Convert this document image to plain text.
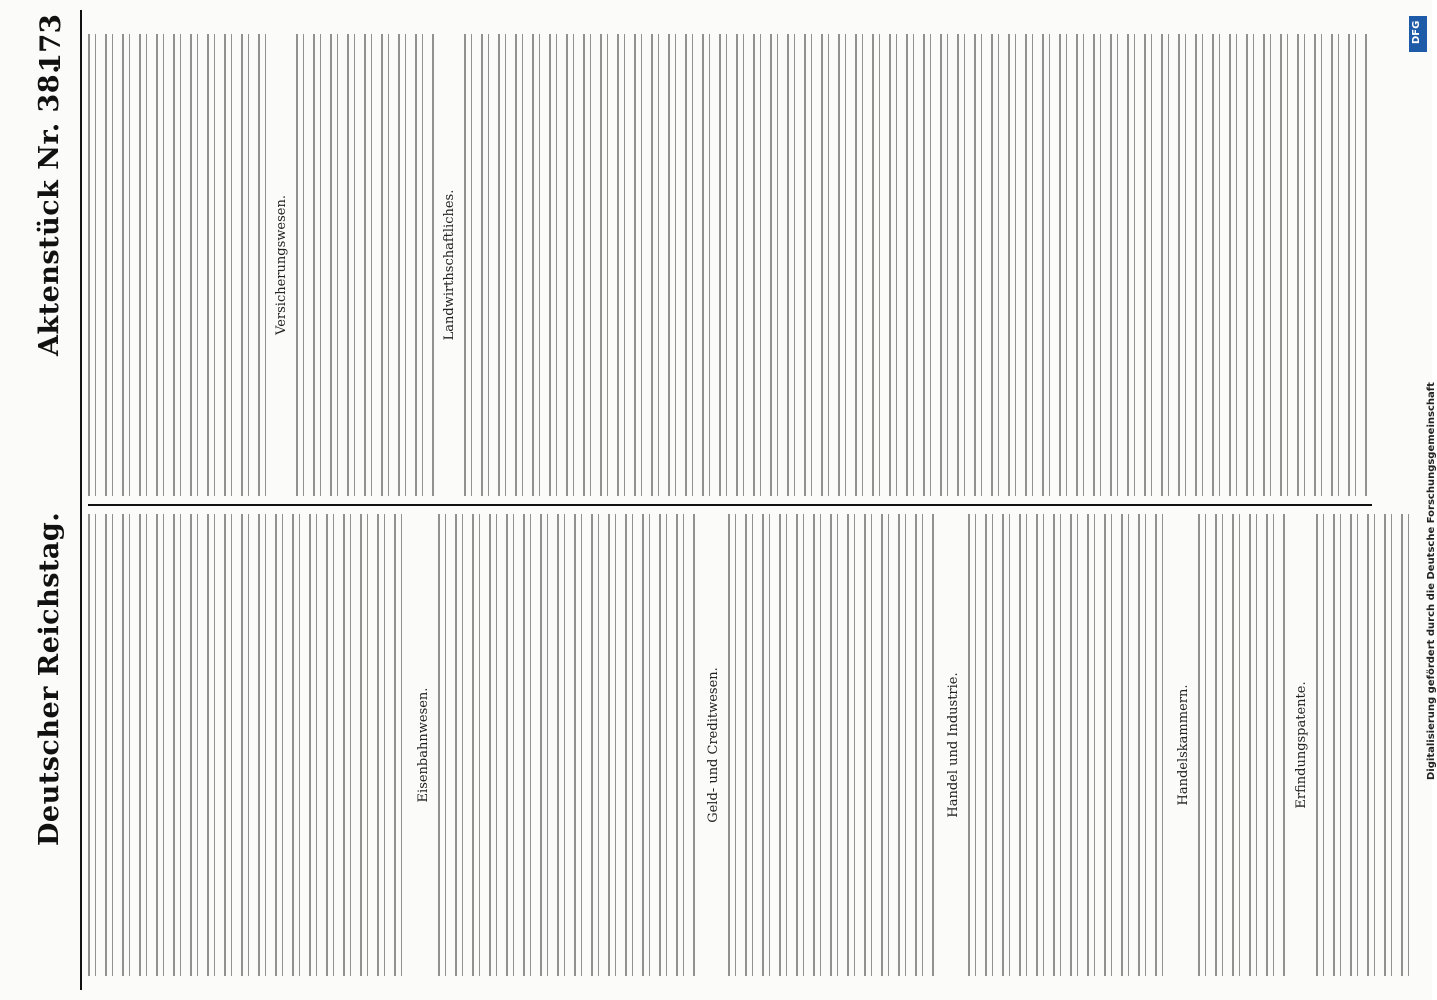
Deutscher Reichstag.
Aktenstück Nr. 38.
173
Eisenbahnwesen.	Geld- und Creditwesen.	Handel und Industrie.	Handelskammern.	Erfindungspatente.
Versicherungswesen.	Landwirthschaftliches.
Digitalisierung gefördert durch die Deutsche Forschungsgemeinschaft
DFG
